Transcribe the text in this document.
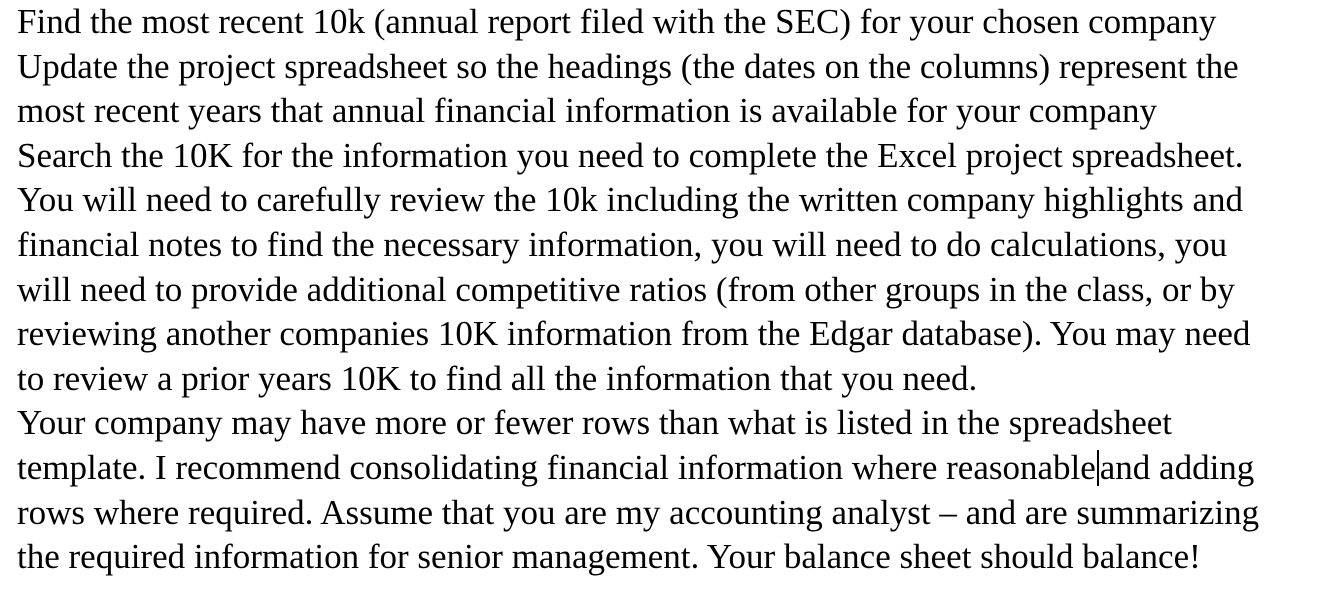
Find the most recent 10k (annual report filed with the SEC) for your chosen company
Update the project spreadsheet so the headings (the dates on the columns) represent the
most recent years that annual financial information is available for your company
Search the 10K for the information you need to complete the Excel project spreadsheet.
You will need to carefully review the 10k including the written company highlights and
financial notes to find the necessary information, you will need to do calculations, you
will need to provide additional competitive ratios (from other groups in the class, or by
reviewing another companies 10K information from the Edgar database). You may need
to review a prior years 10K to find all the information that you need.
Your company may have more or fewer rows than what is listed in the spreadsheet
template. I recommend consolidating financial information where reasonable and adding
rows where required. Assume that you are my accounting analyst – and are summarizing
the required information for senior management. Your balance sheet should balance!
